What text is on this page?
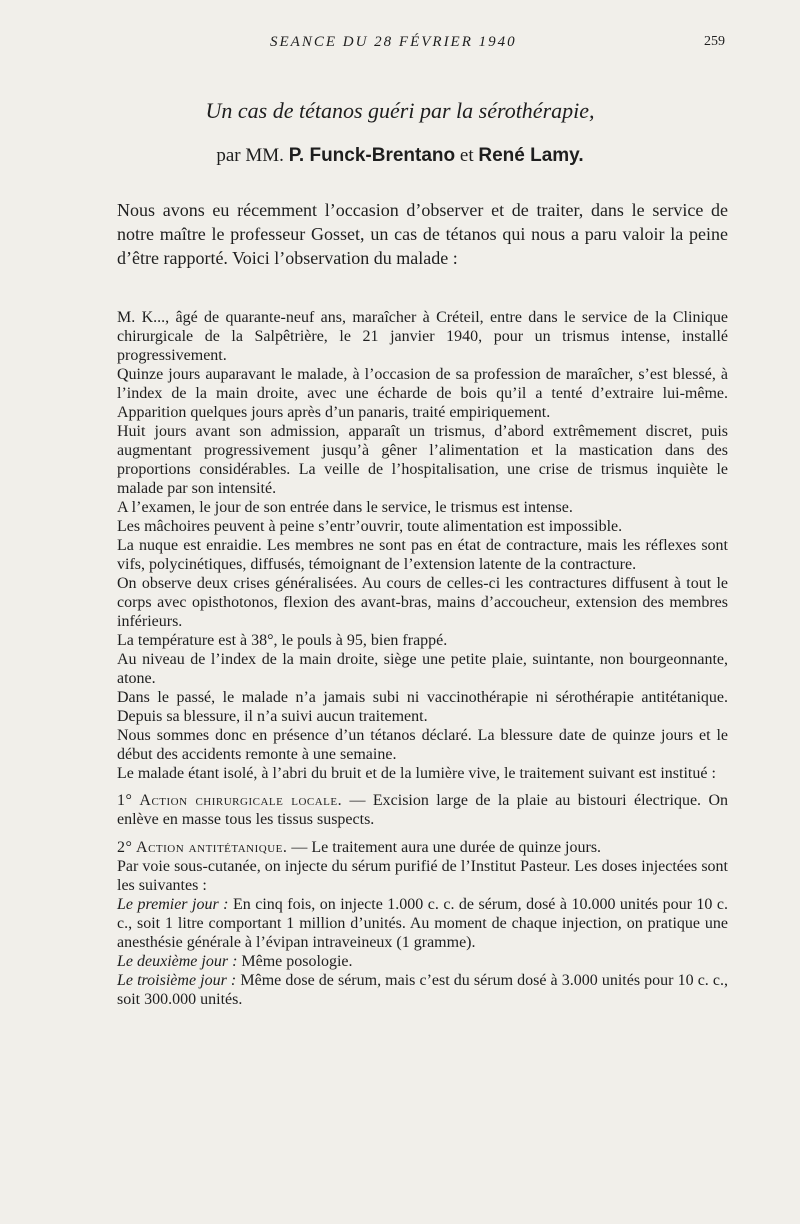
SEANCE DU 28 FÉVRIER 1940	259
Un cas de tétanos guéri par la sérothérapie,
par MM. P. Funck-Brentano et René Lamy.

Nous avons eu récemment l’occasion d’observer et de traiter, dans le service de notre maître le professeur Gosset, un cas de tétanos qui nous a paru valoir la peine d’être rapporté. Voici l’observation du malade :

M. K..., âgé de quarante-neuf ans, maraîcher à Créteil, entre dans le service de la Clinique chirurgicale de la Salpêtrière, le 21 janvier 1940, pour un trismus intense, installé progressivement.

Quinze jours auparavant le malade, à l’occasion de sa profession de maraîcher, s’est blessé, à l’index de la main droite, avec une écharde de bois qu’il a tenté d’extraire lui-même. Apparition quelques jours après d’un panaris, traité empiriquement.

Huit jours avant son admission, apparaît un trismus, d’abord extrêmement discret, puis augmentant progressivement jusqu’à gêner l’alimentation et la mastication dans des proportions considérables. La veille de l’hospitalisation, une crise de trismus inquiète le malade par son intensité.

A l’examen, le jour de son entrée dans le service, le trismus est intense.

Les mâchoires peuvent à peine s’entr’ouvrir, toute alimentation est impossible.

La nuque est enraidie. Les membres ne sont pas en état de contracture, mais les réflexes sont vifs, polycinétiques, diffusés, témoignant de l’extension latente de la contracture.

On observe deux crises généralisées. Au cours de celles-ci les contractures diffusent à tout le corps avec opisthotonos, flexion des avant-bras, mains d’accoucheur, extension des membres inférieurs.

La température est à 38°, le pouls à 95, bien frappé.

Au niveau de l’index de la main droite, siège une petite plaie, suintante, non bourgeonnante, atone.

Dans le passé, le malade n’a jamais subi ni vaccinothérapie ni sérothérapie antitétanique. Depuis sa blessure, il n’a suivi aucun traitement.

Nous sommes donc en présence d’un tétanos déclaré. La blessure date de quinze jours et le début des accidents remonte à une semaine.

Le malade étant isolé, à l’abri du bruit et de la lumière vive, le traitement suivant est institué :

1° Action chirurgicale locale. — Excision large de la plaie au bistouri électrique. On enlève en masse tous les tissus suspects.

2° Action antitétanique. — Le traitement aura une durée de quinze jours.

Par voie sous-cutanée, on injecte du sérum purifié de l’Institut Pasteur. Les doses injectées sont les suivantes :

Le premier jour : En cinq fois, on injecte 1.000 c. c. de sérum, dosé à 10.000 unités pour 10 c. c., soit 1 litre comportant 1 million d’unités. Au moment de chaque injection, on pratique une anesthésie générale à l’évipan intraveineux (1 gramme).

Le deuxième jour : Même posologie.

Le troisième jour : Même dose de sérum, mais c’est du sérum dosé à 3.000 unités pour 10 c. c., soit 300.000 unités.
